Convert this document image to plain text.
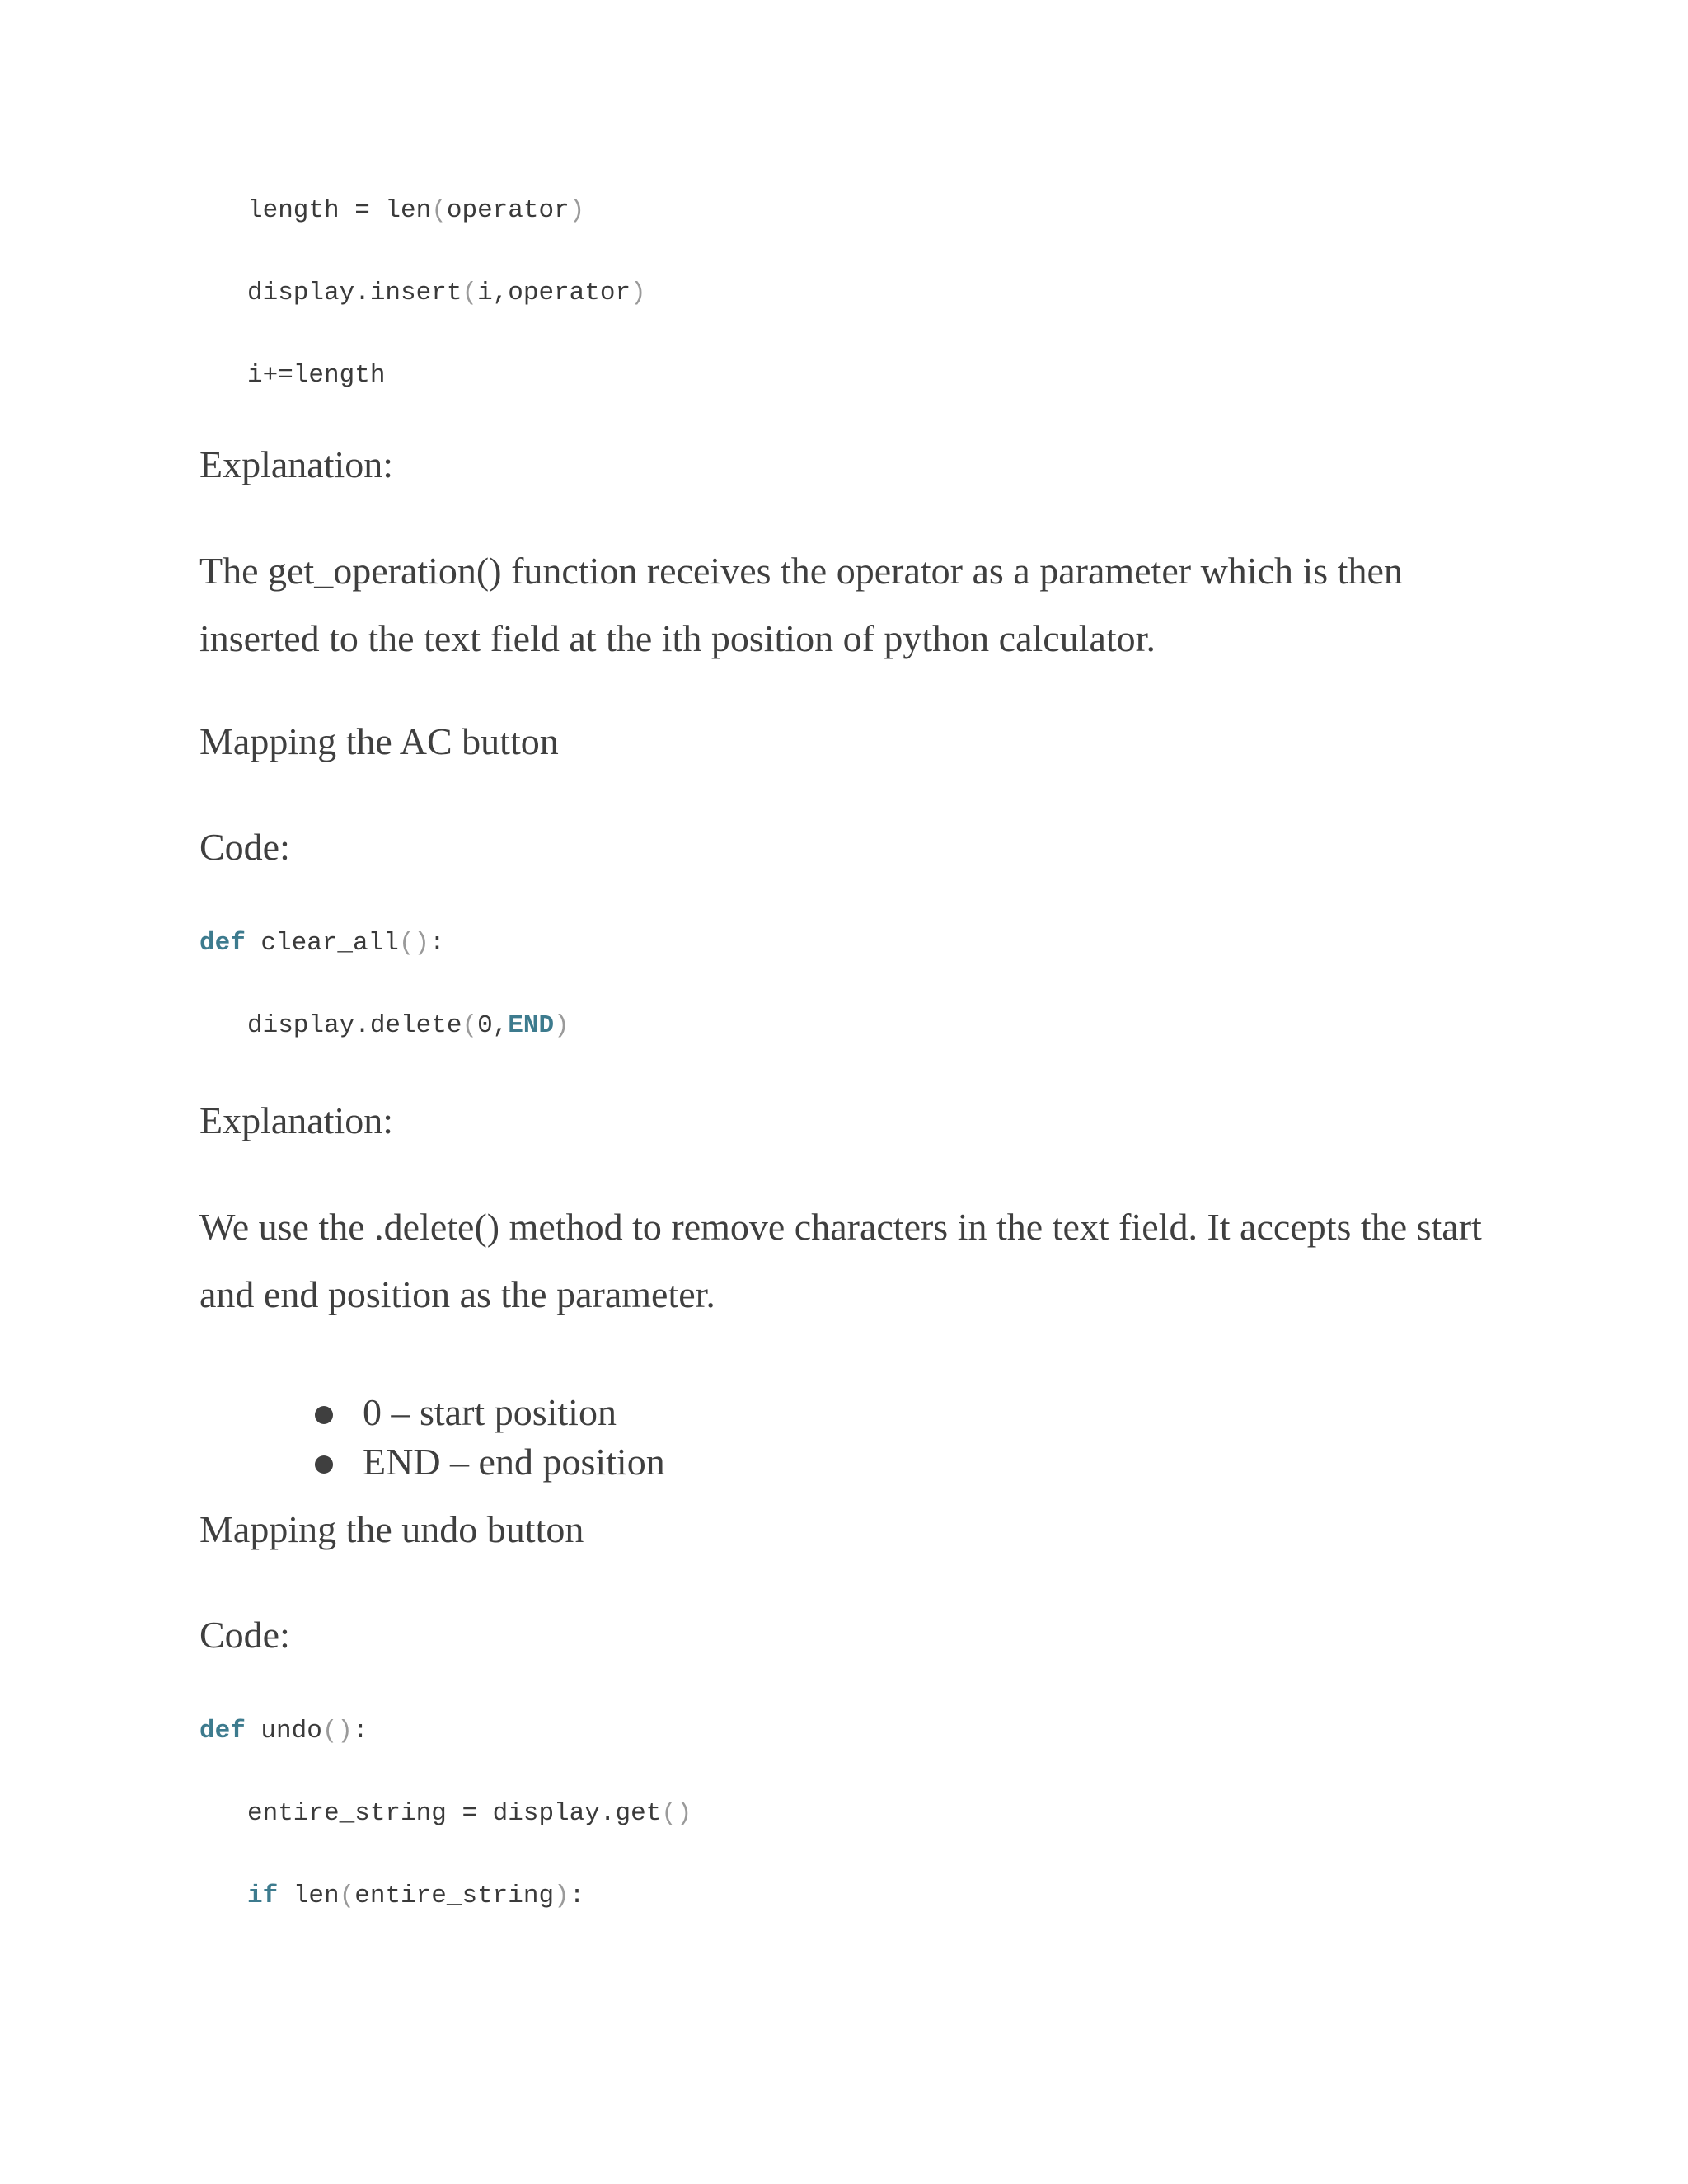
length = len(operator)
display.insert(i,operator)
i+=length
Explanation:

The get_operation() function receives the operator as a parameter which is then inserted to the text field at the ith position of python calculator.

Mapping the AC button
Code:
def clear_all():
display.delete(0,END)
Explanation:

We use the .delete() method to remove characters in the text field. It accepts the start and end position as the parameter.

0 – start position
END – end position
Mapping the undo button
Code:
def undo():
entire_string = display.get()
if len(entire_string):
